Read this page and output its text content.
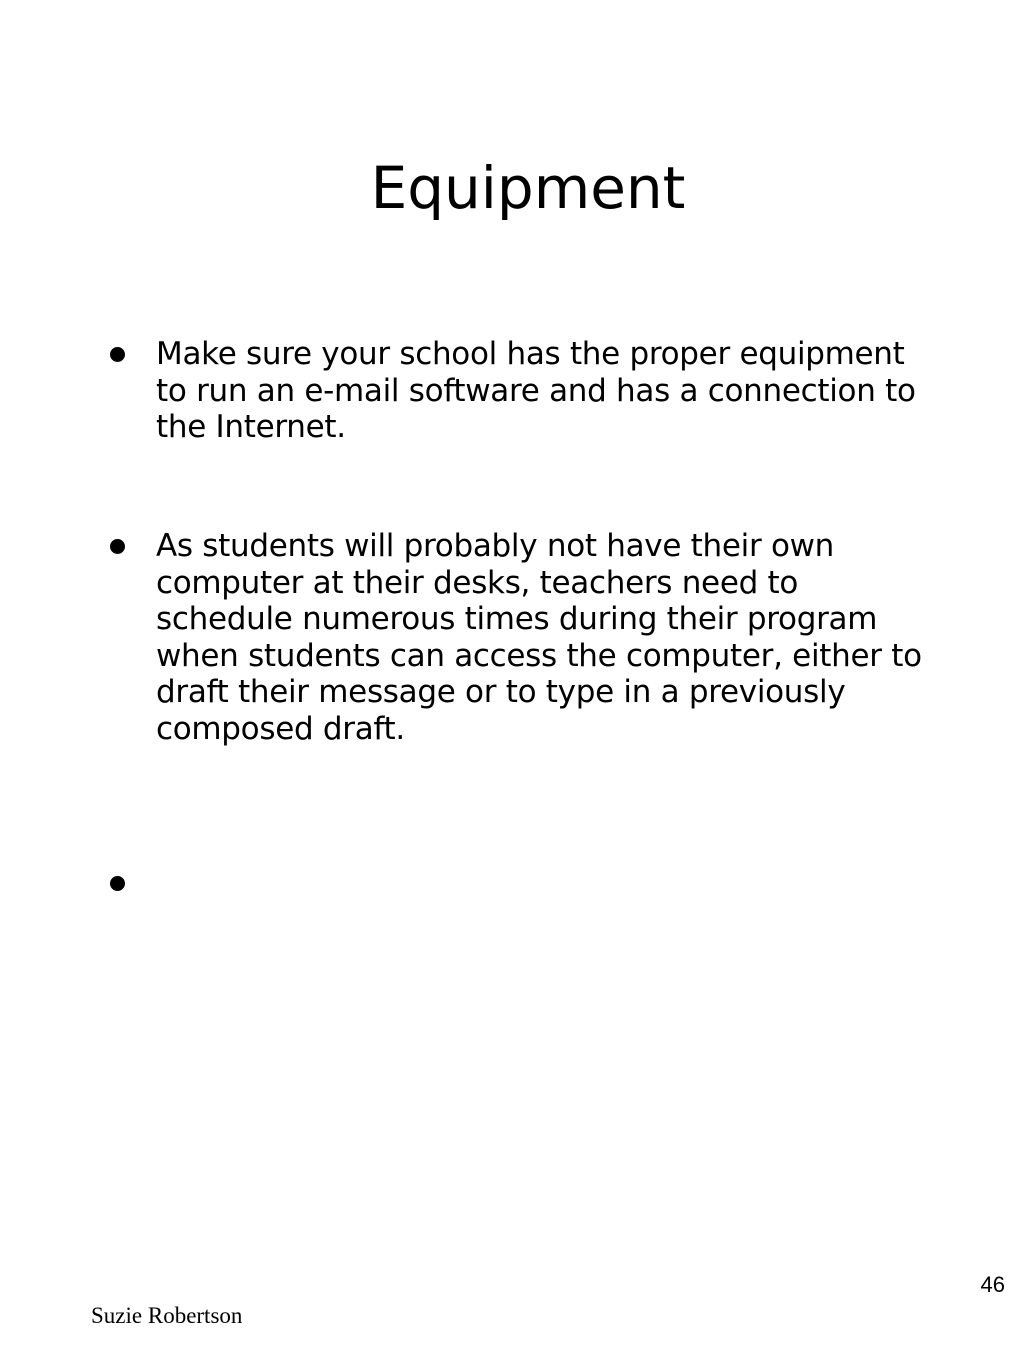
Equipment
Make sure your school has the proper equipment to run an e-mail software and has a connection to the Internet.
As students will probably not have their own computer at their desks, teachers need to schedule numerous times during their program when students can access the computer, either to draft their message or to type in a previously composed draft.
46
Suzie Robertson
